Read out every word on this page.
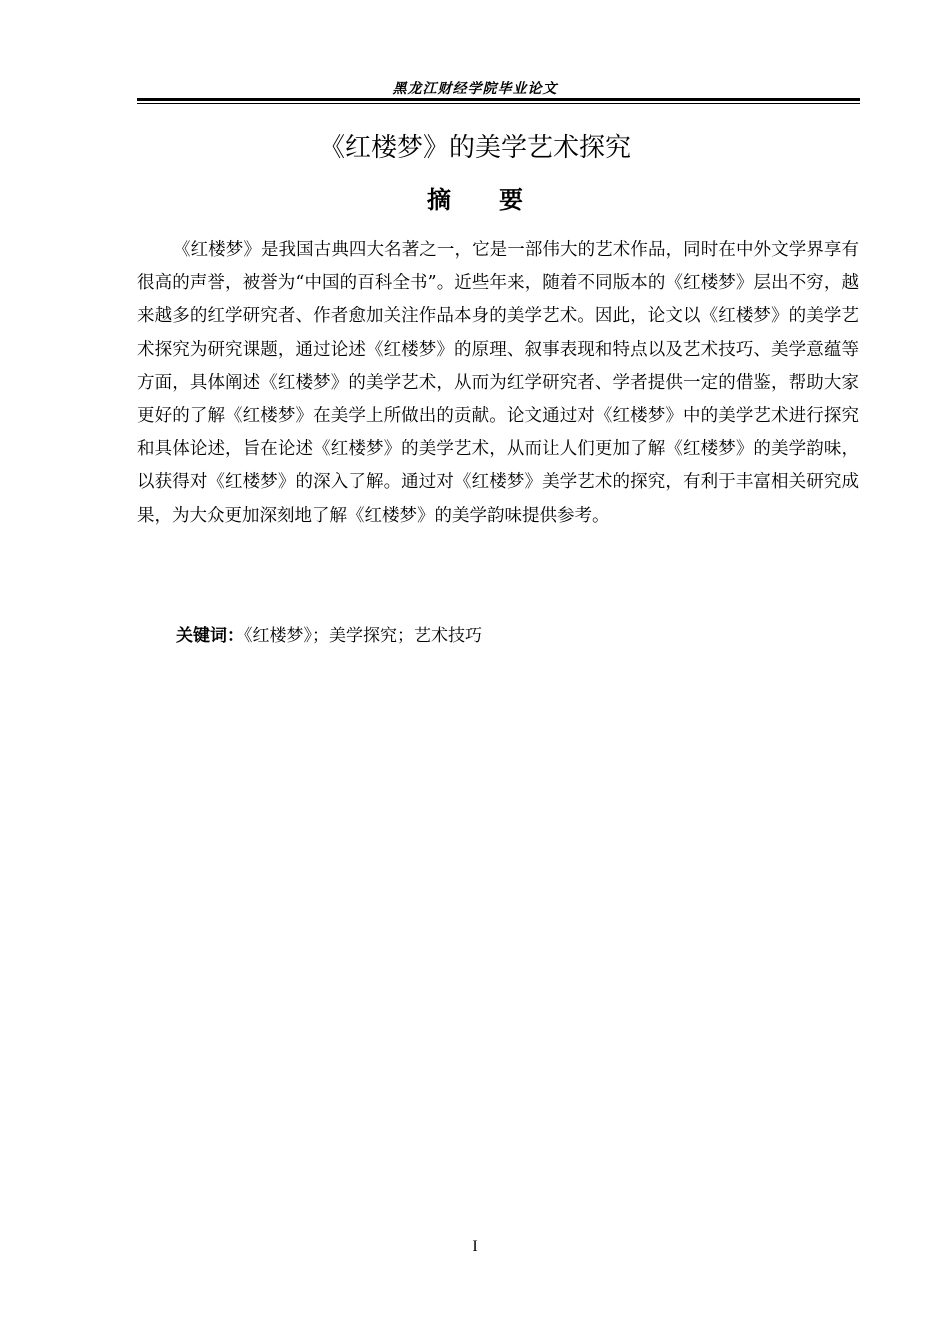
黑龙江财经学院毕业论文
《红楼梦》的美学艺术探究
摘要

《红楼梦》是我国古典四大名著之一，它是一部伟大的艺术作品，同时在中外文学界享有很高的声誉，被誉为“中国的百科全书”。近些年来，随着不同版本的《红楼梦》层出不穷，越来越多的红学研究者、作者愈加关注作品本身的美学艺术。因此，论文以《红楼梦》的美学艺术探究为研究课题，通过论述《红楼梦》的原理、叙事表现和特点以及艺术技巧、美学意蕴等方面，具体阐述《红楼梦》的美学艺术，从而为红学研究者、学者提供一定的借鉴，帮助大家更好的了解《红楼梦》在美学上所做出的贡献。论文通过对《红楼梦》中的美学艺术进行探究和具体论述，旨在论述《红楼梦》的美学艺术，从而让人们更加了解《红楼梦》的美学韵味，以获得对《红楼梦》的深入了解。通过对《红楼梦》美学艺术的探究，有利于丰富相关研究成果，为大众更加深刻地了解《红楼梦》的美学韵味提供参考。

关键词：《红楼梦》；美学探究；艺术技巧
I
